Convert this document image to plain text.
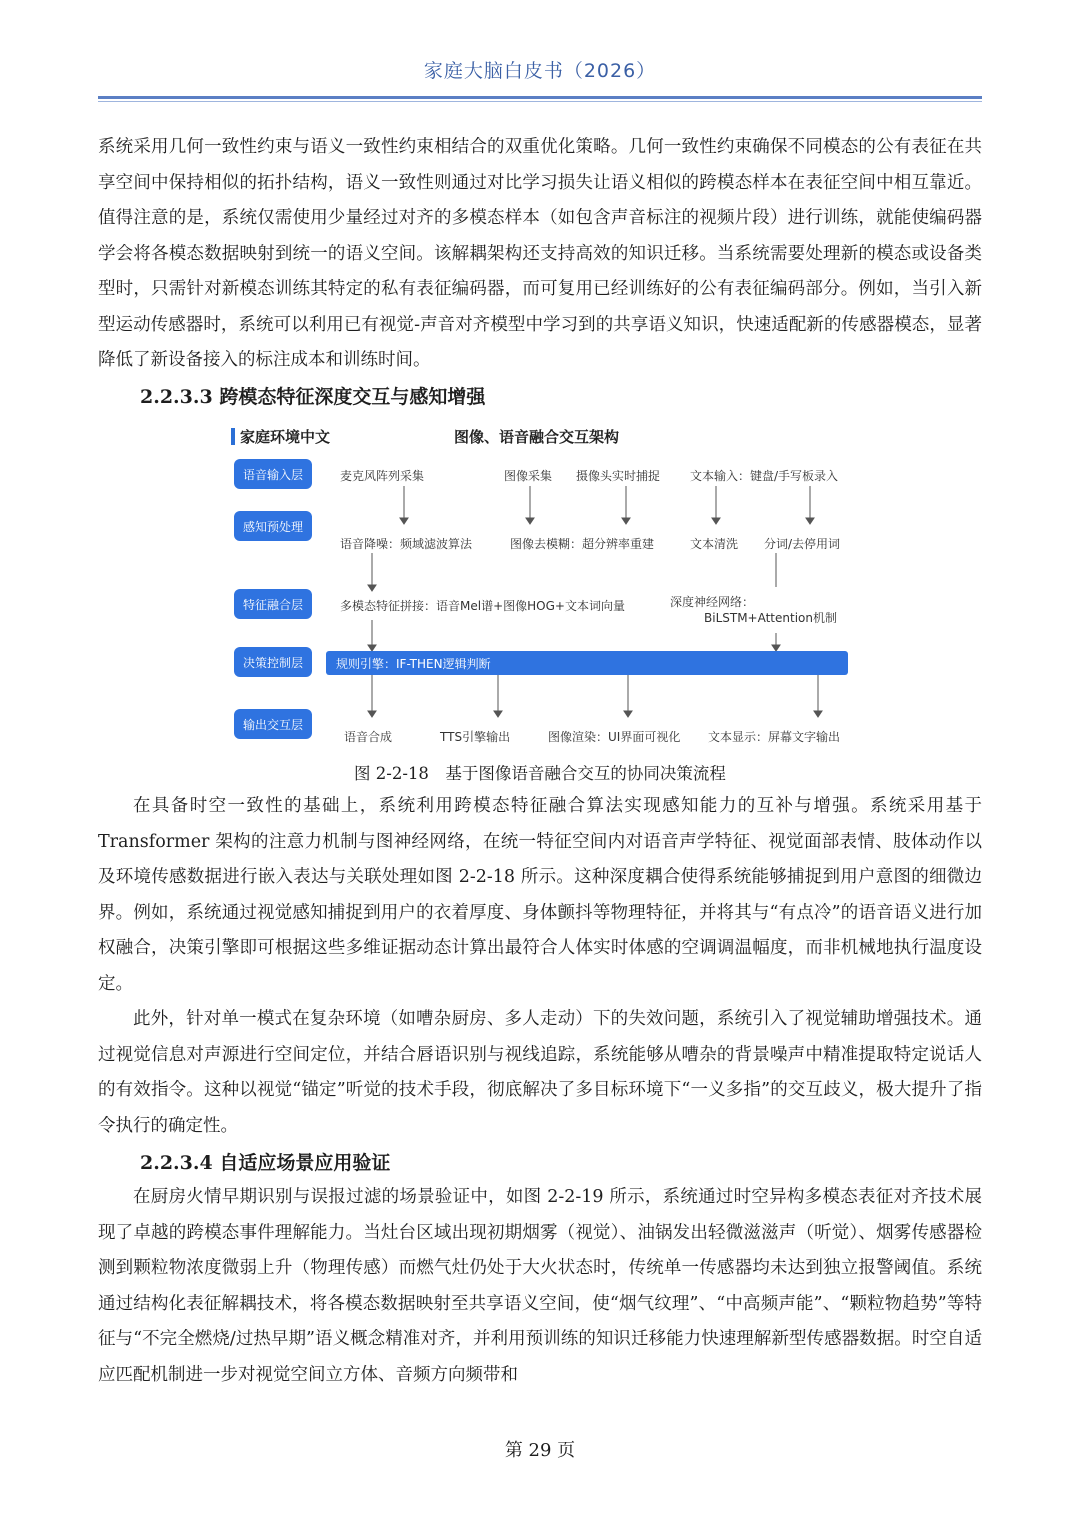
家庭大脑白皮书（2026）

系统采用几何一致性约束与语义一致性约束相结合的双重优化策略。几何一致性约束确保不同模态的公有表征在共享空间中保持相似的拓扑结构，语义一致性则通过对比学习损失让语义相似的跨模态样本在表征空间中相互靠近。值得注意的是，系统仅需使用少量经过对齐的多模态样本（如包含声音标注的视频片段）进行训练，就能使编码器学会将各模态数据映射到统一的语义空间。该解耦架构还支持高效的知识迁移。当系统需要处理新的模态或设备类型时，只需针对新模态训练其特定的私有表征编码器，而可复用已经训练好的公有表征编码部分。例如，当引入新型运动传感器时，系统可以利用已有视觉-声音对齐模型中学习到的共享语义知识，快速适配新的传感器模态，显著降低了新设备接入的标注成本和训练时间。

2.2.3.3 跨模态特征深度交互与感知增强
家庭环境中文	图像、语音融合交互架构
语音输入层
感知预处理
特征融合层
决策控制层
输出交互层
麦克风阵列采集	图像采集 摄像头实时捕捉 文本输入：键盘/手写板录入
语音降噪：频域滤波算法	图像去模糊：超分辨率重建	文本清洗 分词/去停用词
多模态特征拼接：语音Mel谱+图像HOG+文本词向量	深度神经网络：
BiLSTM+Attention机制
规则引擎：IF-THEN逻辑判断
语音合成	TTS引擎输出	图像渲染：UI界面可视化 文本显示：屏幕文字输出
图 2-2-18　基于图像语音融合交互的协同决策流程

在具备时空一致性的基础上，系统利用跨模态特征融合算法实现感知能力的互补与增强。系统采用基于 Transformer 架构的注意力机制与图神经网络，在统一特征空间内对语音声学特征、视觉面部表情、肢体动作以及环境传感数据进行嵌入表达与关联处理如图 2-2-18 所示。这种深度耦合使得系统能够捕捉到用户意图的细微边界。例如，系统通过视觉感知捕捉到用户的衣着厚度、身体颤抖等物理特征，并将其与“有点冷”的语音语义进行加权融合，决策引擎即可根据这些多维证据动态计算出最符合人体实时体感的空调调温幅度，而非机械地执行温度设定。

此外，针对单一模式在复杂环境（如嘈杂厨房、多人走动）下的失效问题，系统引入了视觉辅助增强技术。通过视觉信息对声源进行空间定位，并结合唇语识别与视线追踪，系统能够从嘈杂的背景噪声中精准提取特定说话人的有效指令。这种以视觉“锚定”听觉的技术手段，彻底解决了多目标环境下“一义多指”的交互歧义，极大提升了指令执行的确定性。

2.2.3.4 自适应场景应用验证

在厨房火情早期识别与误报过滤的场景验证中，如图 2-2-19 所示，系统通过时空异构多模态表征对齐技术展现了卓越的跨模态事件理解能力。当灶台区域出现初期烟雾（视觉）、油锅发出轻微滋滋声（听觉）、烟雾传感器检测到颗粒物浓度微弱上升（物理传感）而燃气灶仍处于大火状态时，传统单一传感器均未达到独立报警阈值。系统通过结构化表征解耦技术，将各模态数据映射至共享语义空间，使“烟气纹理”、“中高频声能”、“颗粒物趋势”等特征与“不完全燃烧/过热早期”语义概念精准对齐，并利用预训练的知识迁移能力快速理解新型传感器数据。时空自适应匹配机制进一步对视觉空间立方体、音频方向频带和

第 29 页
